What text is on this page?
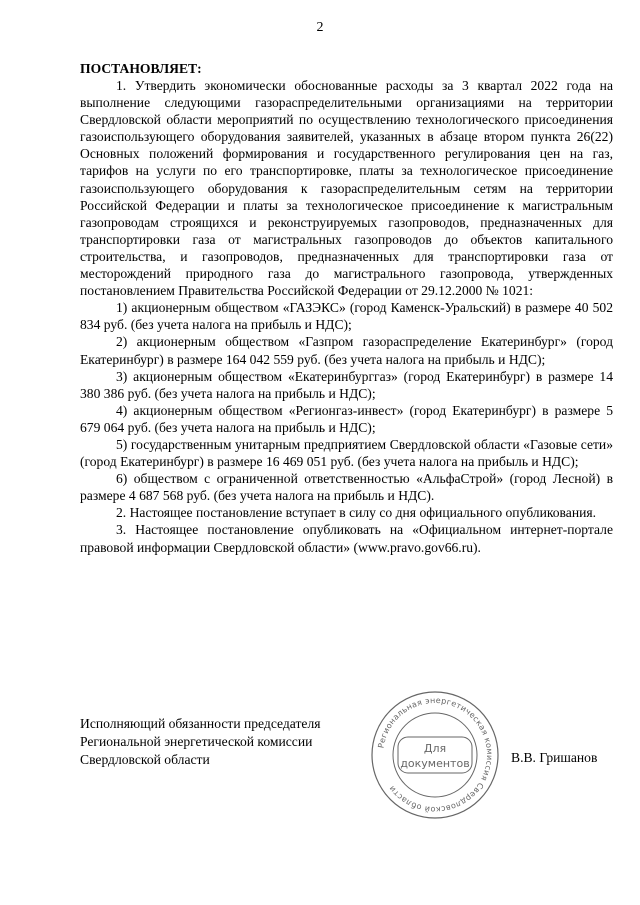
2

ПОСТАНОВЛЯЕТ:

1. Утвердить экономически обоснованные расходы за 3 квартал 2022 года на выполнение следующими газораспределительными организациями на территории Свердловской области мероприятий по осуществлению технологического присоединения газоиспользующего оборудования заявителей, указанных в абзаце втором пункта 26(22) Основных положений формирования и государственного регулирования цен на газ, тарифов на услуги по его транспортировке, платы за технологическое присоединение газоиспользующего оборудования к газораспределительным сетям на территории Российской Федерации и платы за технологическое присоединение к магистральным газопроводам строящихся и реконструируемых газопроводов, предназначенных для транспортировки газа от магистральных газопроводов до объектов капитального строительства, и газопроводов, предназначенных для транспортировки газа от месторождений природного газа до магистрального газопровода, утвержденных постановлением Правительства Российской Федерации от 29.12.2000 № 1021:

1) акционерным обществом «ГАЗЭКС» (город Каменск-Уральский) в размере 40 502 834 руб. (без учета налога на прибыль и НДС);

2) акционерным обществом «Газпром газораспределение Екатеринбург» (город Екатеринбург) в размере 164 042 559 руб. (без учета налога на прибыль и НДС);

3) акционерным обществом «Екатеринбурггаз» (город Екатеринбург) в размере 14 380 386 руб. (без учета налога на прибыль и НДС);

4) акционерным обществом «Регионгаз-инвест» (город Екатеринбург) в размере 5 679 064 руб. (без учета налога на прибыль и НДС);

5) государственным унитарным предприятием Свердловской области «Газовые сети» (город Екатеринбург) в размере 16 469 051 руб. (без учета налога на прибыль и НДС);

6) обществом с ограниченной ответственностью «АльфаСтрой» (город Лесной) в размере 4 687 568 руб. (без учета налога на прибыль и НДС).

2. Настоящее постановление вступает в силу со дня официального опубликования.

3. Настоящее постановление опубликовать на «Официальном интернет-портале правовой информации Свердловской области» (www.pravo.gov66.ru).

Исполняющий обязанности председателя
Региональной энергетической комиссии
Свердловской области	В.В. Гришанов
Региональная энергетическая комиссия Свердловской области
Для
документов
